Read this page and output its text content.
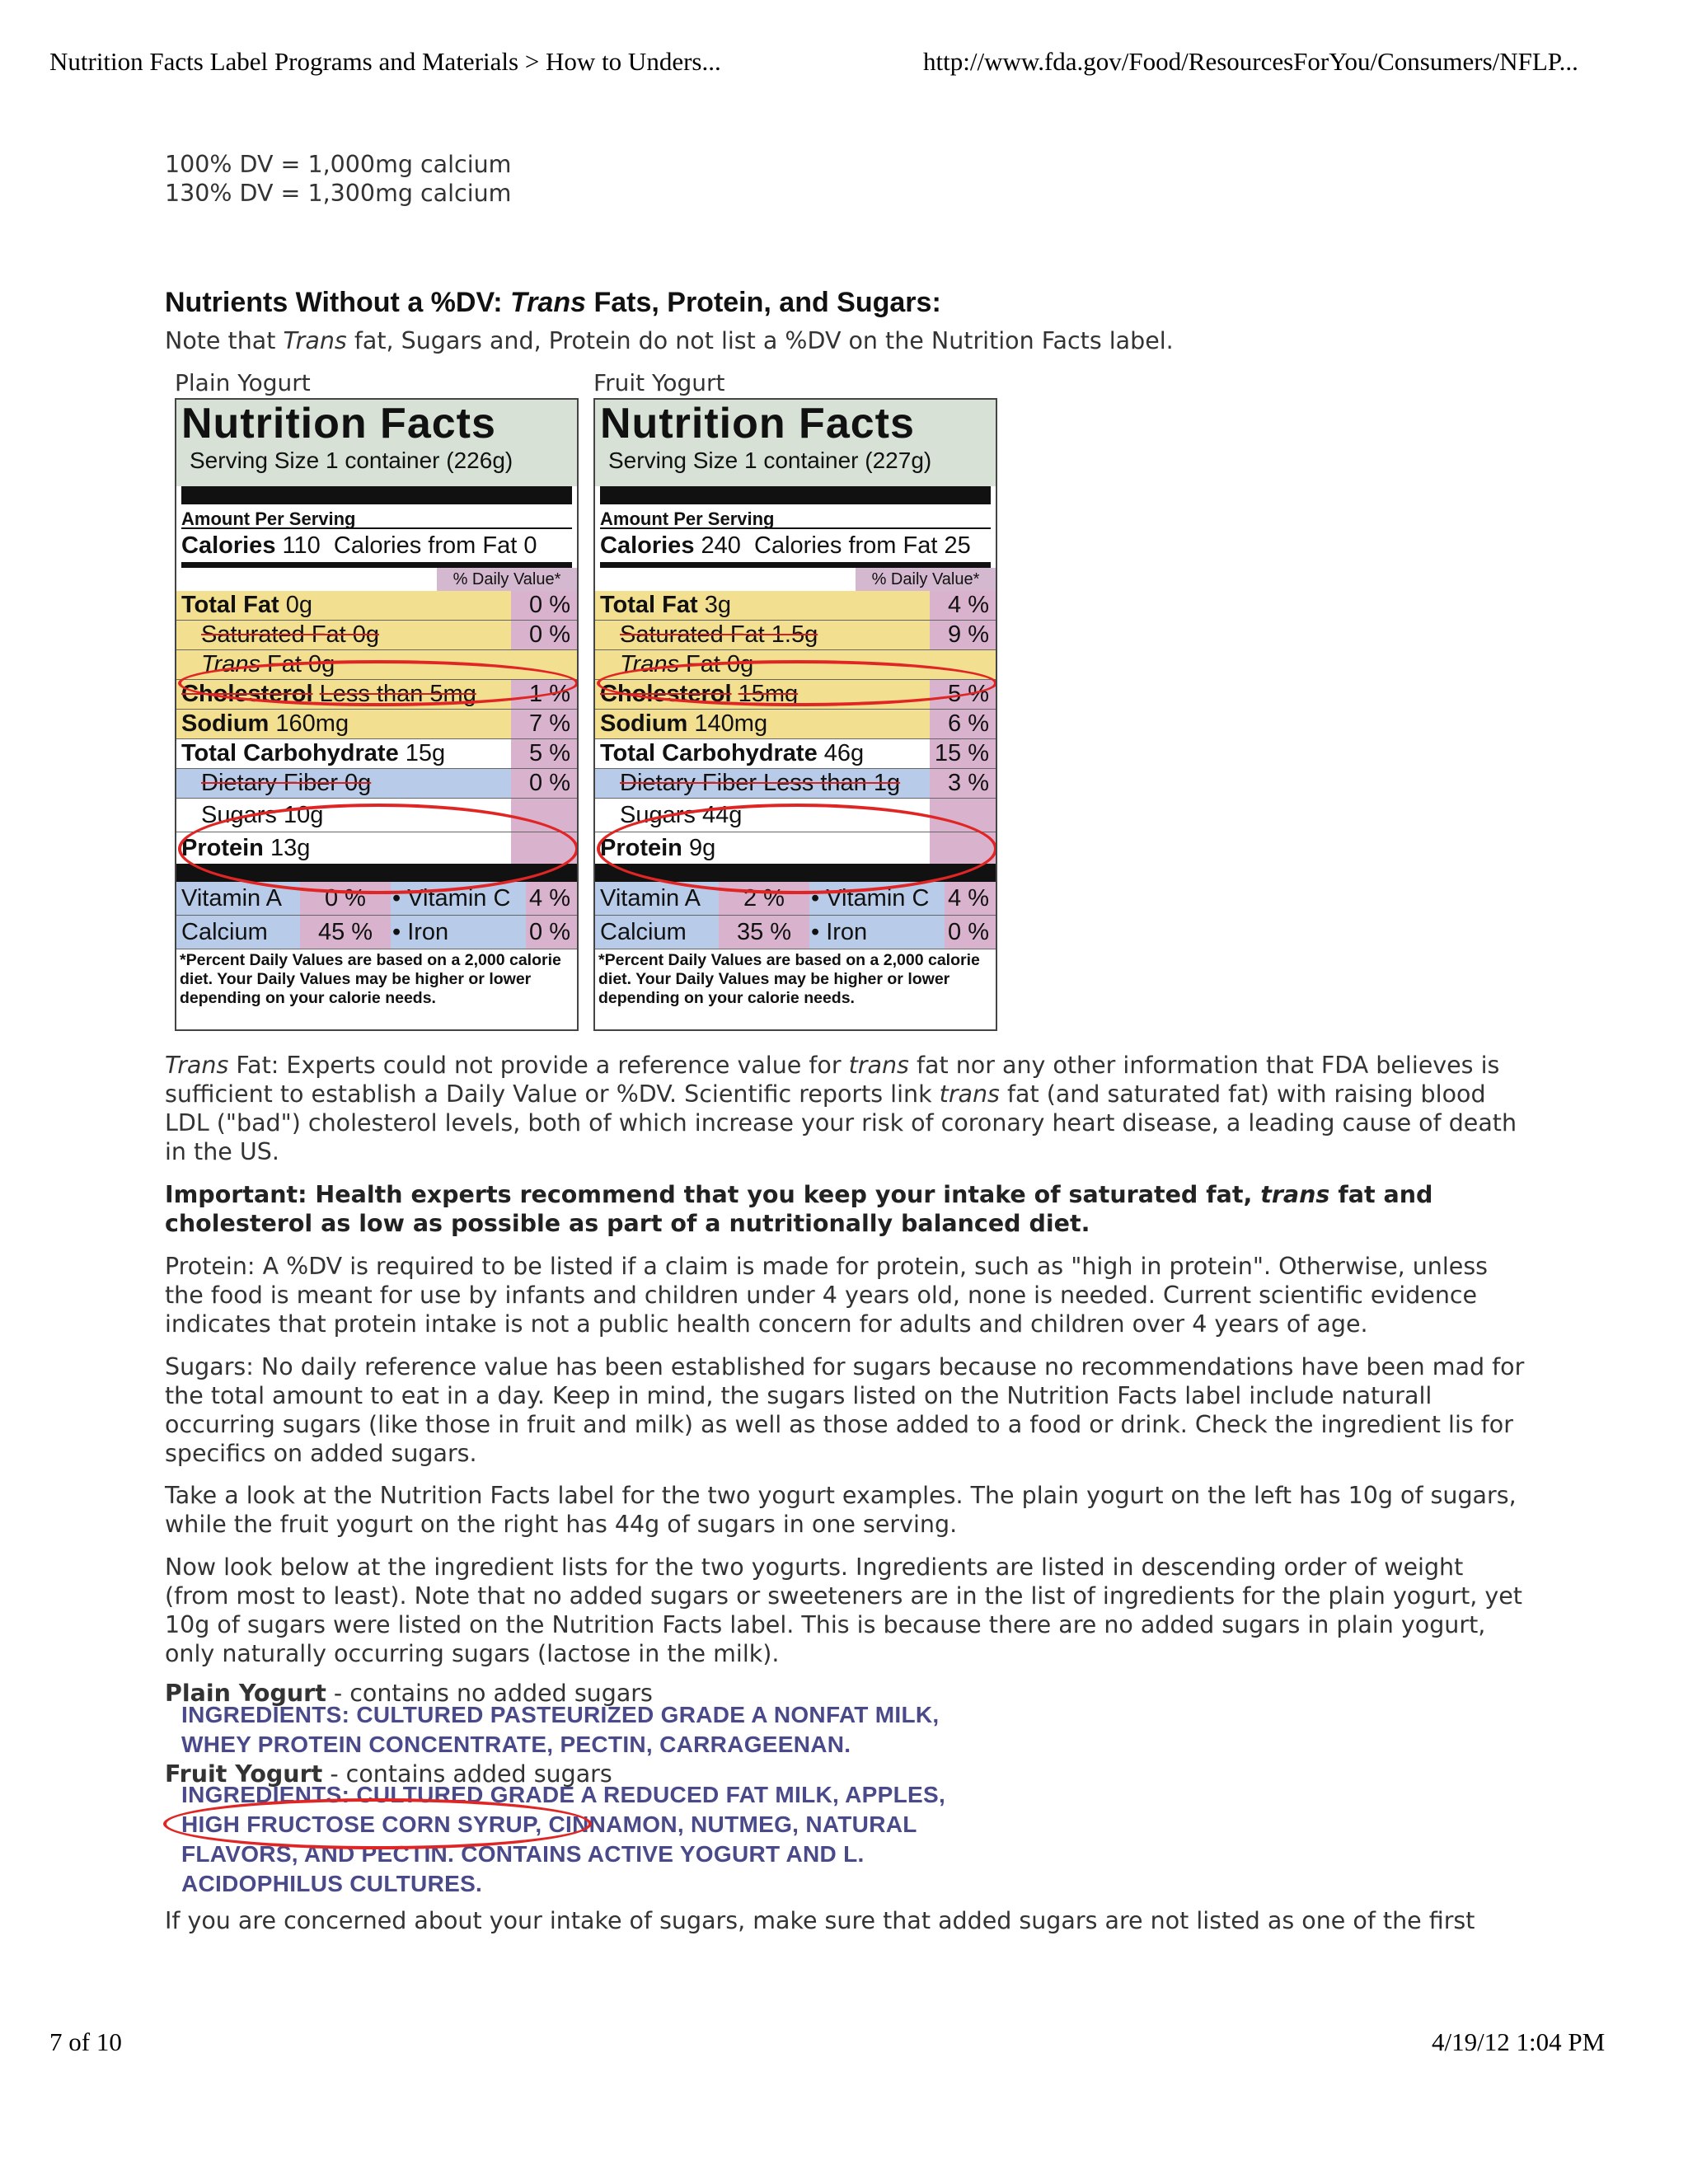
Nutrition Facts Label Programs and Materials > How to Unders...	http://www.fda.gov/Food/ResourcesForYou/Consumers/NFLP...
100% DV = 1,000mg calcium
130% DV = 1,300mg calcium
Nutrients Without a %DV: Trans Fats, Protein, and Sugars:
Note that Trans fat, Sugars and, Protein do not list a %DV on the Nutrition Facts label.
Plain Yogurt	Fruit Yogurt
Nutrition Facts
Serving Size 1 container (226g)
Amount Per Serving
Calories 110 Calories from Fat 0
% Daily Value*
Total Fat 0g	0 %
Saturated Fat 0g	0 %
Trans Fat 0g
Cholesterol Less than 5mg	1 %
Sodium 160mg	7 %
Total Carbohydrate 15g	5 %
Dietary Fiber 0g	0 %
Sugars 10g
Protein 13g
Vitamin A	0 %	• Vitamin C 4 %
Calcium	45 % • Iron	0 %
*Percent Daily Values are based on a 2,000 calorie diet. Your Daily Values may be higher or lower depending on your calorie needs.
Nutrition Facts
Serving Size 1 container (227g)
Amount Per Serving
Calories 240 Calories from Fat 25
% Daily Value*
Total Fat 3g	4 %
Saturated Fat 1.5g	9 %
Trans Fat 0g
Cholesterol 15mg	5 %
Sodium 140mg	6 %
Total Carbohydrate 46g	15 %
Dietary Fiber Less than 1g	3 %
Sugars 44g
Protein 9g
Vitamin A	2 %	• Vitamin C 4 %
Calcium	35 % • Iron	0 %
*Percent Daily Values are based on a 2,000 calorie diet. Your Daily Values may be higher or lower depending on your calorie needs.
Trans Fat: Experts could not provide a reference value for trans fat nor any other information that FDA believes is sufficient to establish a Daily Value or %DV. Scientific reports link trans fat (and saturated fat) with raising blood LDL ("bad") cholesterol levels, both of which increase your risk of coronary heart disease, a leading cause of death in the US.
Important: Health experts recommend that you keep your intake of saturated fat, trans fat and cholesterol as low as possible as part of a nutritionally balanced diet.
Protein: A %DV is required to be listed if a claim is made for protein, such as "high in protein". Otherwise, unless the food is meant for use by infants and children under 4 years old, none is needed. Current scientific evidence indicates that protein intake is not a public health concern for adults and children over 4 years of age.
Sugars: No daily reference value has been established for sugars because no recommendations have been mad for the total amount to eat in a day. Keep in mind, the sugars listed on the Nutrition Facts label include naturall occurring sugars (like those in fruit and milk) as well as those added to a food or drink. Check the ingredient lis for specifics on added sugars.
Take a look at the Nutrition Facts label for the two yogurt examples. The plain yogurt on the left has 10g of sugars, while the fruit yogurt on the right has 44g of sugars in one serving.
Now look below at the ingredient lists for the two yogurts. Ingredients are listed in descending order of weight (from most to least). Note that no added sugars or sweeteners are in the list of ingredients for the plain yogurt, yet 10g of sugars were listed on the Nutrition Facts label. This is because there are no added sugars in plain yogurt, only naturally occurring sugars (lactose in the milk).
Plain Yogurt - contains no added sugars
INGREDIENTS: CULTURED PASTEURIZED GRADE A NONFAT MILK,
WHEY PROTEIN CONCENTRATE, PECTIN, CARRAGEENAN.
Fruit Yogurt - contains added sugars
INGREDIENTS: CULTURED GRADE A REDUCED FAT MILK, APPLES,
HIGH FRUCTOSE CORN SYRUP, CINNAMON, NUTMEG, NATURAL
FLAVORS, AND PECTIN. CONTAINS ACTIVE YOGURT AND L.
ACIDOPHILUS CULTURES.
If you are concerned about your intake of sugars, make sure that added sugars are not listed as one of the first
7 of 10	4/19/12 1:04 PM
